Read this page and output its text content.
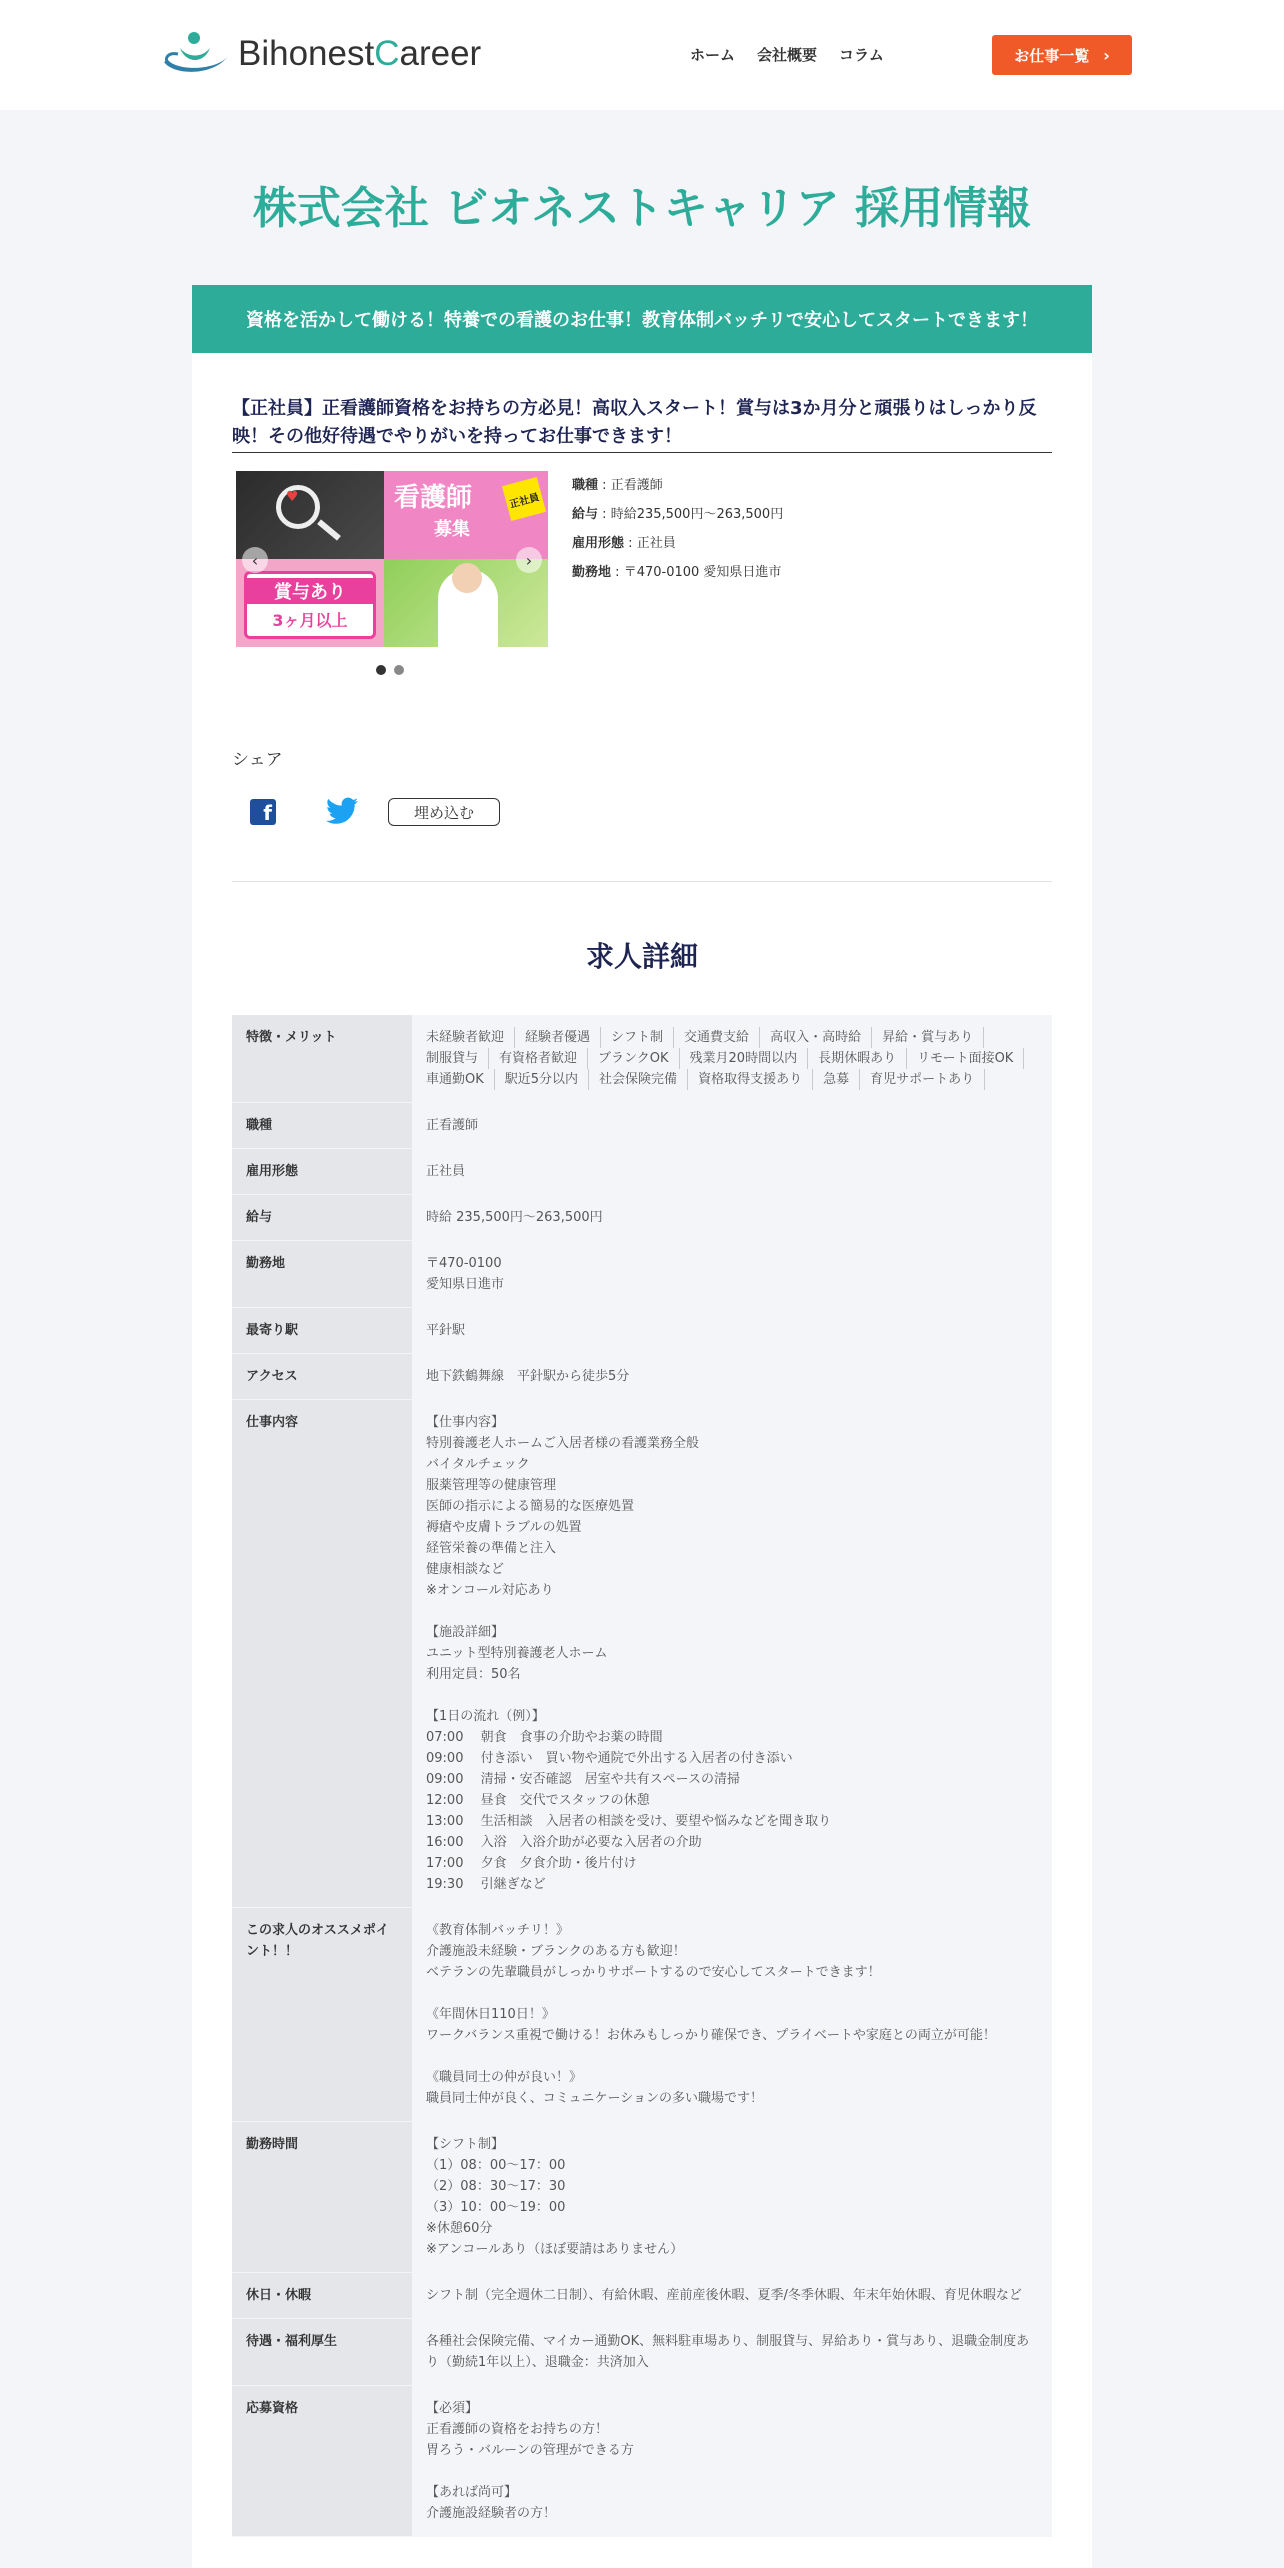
BihonestCareer	ホーム 会社概要 コラム	お仕事一覧 ›
株式会社 ビオネストキャリア 採用情報
資格を活かして働ける！特養での看護のお仕事！教育体制バッチリで安心してスタートできます！
【正社員】正看護師資格をお持ちの方必見！高収入スタート！賞与は3か月分と頑張りはしっかり反映！その他好待遇でやりがいを持ってお仕事できます！
♥
賞与あり
3ヶ月以上
看護師
募集
正社員
‹	›
職種 : 正看護師
給与 : 時給235,500円〜263,500円
雇用形態 : 正社員
勤務地 : 〒470-0100 愛知県日進市
シェア
f	埋め込む
求人詳細
特徴・メリット	未経験者歓迎	経験者優遇	シフト制	交通費支給	高収入・高時給	昇給・賞与あり
制服貸与	有資格者歓迎	ブランクOK	残業月20時間以内	長期休暇あり	リモート面接OK
車通勤OK	駅近5分以内	社会保険完備	資格取得支援あり	急募	育児サポートあり
職種	正看護師
雇用形態	正社員
給与	時給 235,500円〜263,500円
勤務地	〒470-0100
愛知県日進市
最寄り駅	平針駅
アクセス	地下鉄鶴舞線　平針駅から徒歩5分

仕事内容	【仕事内容】
特別養護老人ホームご入居者様の看護業務全般
バイタルチェック
服薬管理等の健康管理
医師の指示による簡易的な医療処置
褥瘡や皮膚トラブルの処置
経管栄養の準備と注入
健康相談など
※オンコール対応あり

【施設詳細】
ユニット型特別養護老人ホーム
利用定員：50名

【1日の流れ（例）】
07:00　 朝食　食事の介助やお薬の時間
09:00　 付き添い　買い物や通院で外出する入居者の付き添い
09:00　 清掃・安否確認　居室や共有スペースの清掃
12:00　 昼食　交代でスタッフの休憩
13:00　 生活相談　入居者の相談を受け、要望や悩みなどを聞き取り
16:00　 入浴　入浴介助が必要な入居者の介助
17:00　 夕食　夕食介助・後片付け
19:30　 引継ぎなど
この求人のオススメポイント！！
《教育体制バッチリ！》
介護施設未経験・ブランクのある方も歓迎！
ベテランの先輩職員がしっかりサポートするので安心してスタートできます！

《年間休日110日！》
ワークバランス重視で働ける！お休みもしっかり確保でき、プライベートや家庭との両立が可能！

《職員同士の仲が良い！》
職員同士仲が良く、コミュニケーションの多い職場です！
勤務時間	【シフト制】
（1）08：00～17：00
（2）08：30～17：30
（3）10：00～19：00
※休憩60分
※アンコールあり（ほぼ要請はありません）
休日・休暇	シフト制（完全週休二日制）、有給休暇、産前産後休暇、夏季/冬季休暇、年末年始休暇、育児休暇など
待遇・福利厚生	各種社会保険完備、マイカー通勤OK、無料駐車場あり、制服貸与、昇給あり・賞与あり、退職金制度あり（勤続1年以上）、退職金：共済加入
応募資格	【必須】
正看護師の資格をお持ちの方！
胃ろう・バルーンの管理ができる方

【あれば尚可】
介護施設経験者の方！
